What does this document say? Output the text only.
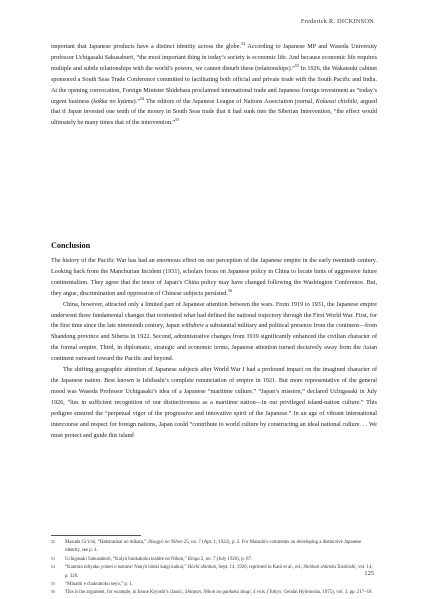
Frederick R. DICKINSON

important that Japanese products have a distinct identity across the globe.$^{52}$ According to Japanese MP and Waseda University professor Uchigasaki Sakusaburō, “the most important thing in today’s society is economic life. And because economic life requires multiple and subtle relationships with the world’s powers, we cannot disturb these (relationships).”$^{53}$ In 1926, the Wakatsuki cabinet sponsored a South Seas Trade Conference committed to facilitating both official and private trade with the South Pacific and India. At the opening convocation, Foreign Minister Shidehara proclaimed international trade and Japanese foreign investment as “today’s urgent business (kokka no kyūmu).”$^{54}$ The editors of the Japanese League of Nations Association journal, Kokusai chishiki, argued that if Japan invested one tenth of the money in South Seas trade that it had sunk into the Siberian Intervention, “the effect would ultimately be many times that of the intervention.”$^{55}$

Conclusion

The history of the Pacific War has had an enormous effect on our perception of the Japanese empire in the early twentieth century. Looking back from the Manchurian Incident (1931), scholars focus on Japanese policy in China to locate hints of aggressive future continentalism. They agree that the tenor of Japan’s China policy may have changed following the Washington Conference. But, they argue, discrimination and oppression of Chinese subjects persisted.$^{56}$

China, however, attracted only a limited part of Japanese attention between the wars. From 1919 to 1931, the Japanese empire underwent three fundamental changes that reoriented what had defined the national trajectory through the First World War. First, for the first time since the late nineteenth century, Japan withdrew a substantial military and political presence from the continent—from Shandong province and Siberia in 1922. Second, administrative changes from 1919 significantly enhanced the civilian character of the formal empire. Third, in diplomatic, strategic and economic terms, Japanese attention turned decisively away from the Asian continent outward toward the Pacific and beyond.

The shifting geographic attention of Japanese subjects after World War I had a profound impact on the imagined character of the Japanese nation. Best known is Ishibashi’s complete renunciation of empire in 1921. But more representative of the general mood was Waseda Professor Uchigasaki’s idea of a Japanese “maritime culture.” “Japan’s mission,” declared Uchigasaki in July 1926, “lies in sufficient recognition of our distinctiveness as a maritime nation—in our privileged island-nation culture.” This pedigree ensured the “perpetual vigor of the progressive and innovative spirit of the Japanese.” In an age of vibrant international intercourse and respect for foreign nations, Japan could “contribute to world culture by constructing an ideal national culture. . . We must protect and guide this island

52 Masuda Gi’ichi, “Hakurankai no mikata,” Jitsugyō no Nihon 25, no. 7 (Apr. 1, 1922), p. 2. For Masuda’s comments on developing a distinctive Japanese identity, see p. 4.
53 Uchigasaki Sakusaburō, “Kaiyō bunkakoku toshite no Nihon,” Kingu 2, no. 7 (July 1926), p. 87.
54 “Kanmin nihyaku yomei o tsurane: Nanyō bōeki kaigi kaikai,” Hōchi shinbun, Sept. 14, 1926; reprinted in Katō et al., ed., Shinbun shūroku Taishōshi, vol. 14, p. 320.
55 “Minami e chakumoku seyo,” p. 1.
56 This is the argument, for example, in Inoue Kiyoshi’s classic, Shinpan, Nihon no gunkoku shugi, 4 vols. (Tokyo: Gendai Hyōronsha, 1975), vol. 3, pp. 217–18.
125
